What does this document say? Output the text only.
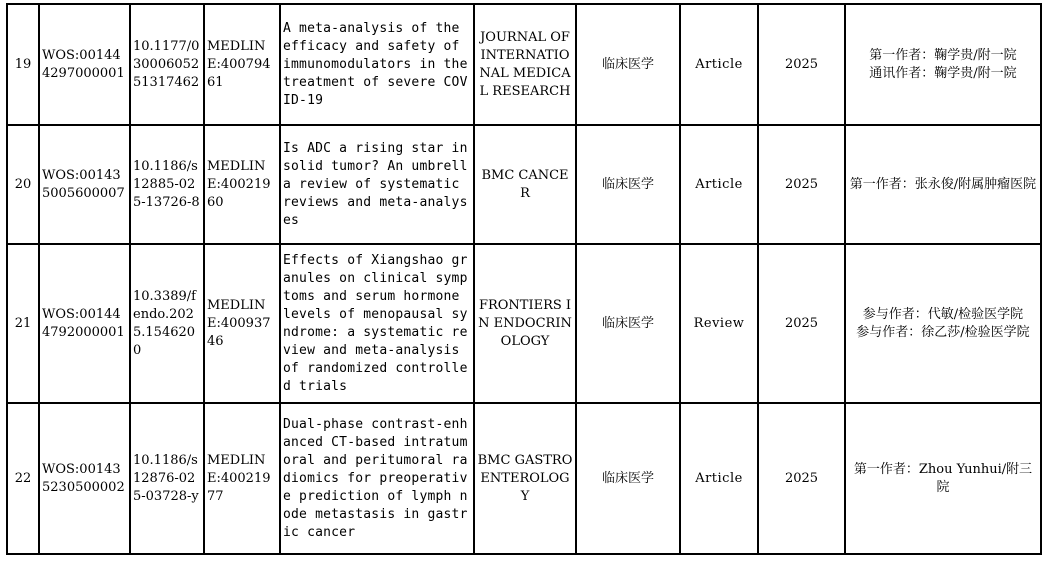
19	WOS:001444297000001	10.1177/03000605251317462	MEDLINE:40079461	A meta-analysis of the efficacy and safety of immunomodulators in the treatment of severe COVID-19	JOURNAL OF INTERNATIONAL MEDICAL RESEARCH	临床医学	Article	2025	第一作者：鞠学贵/附一院
通讯作者：鞠学贵/附一院

20	WOS:001435005600007	10.1186/s12885-025-13726-8	MEDLINE:40021960	Is ADC a rising star in solid tumor? An umbrella review of systematic reviews and meta-analyses	BMC CANCER	临床医学	Article	2025	第一作者：张永俊/附属肿瘤医院

21	WOS:001444792000001	10.3389/fendo.2025.1546200	MEDLINE:40093746	Effects of Xiangshao granules on clinical symptoms and serum hormone levels of menopausal syndrome: a systematic review and meta-analysis of randomized controlled trials	FRONTIERS IN ENDOCRINOLOGY	临床医学	Review	2025	参与作者：代敏/检验医学院
参与作者：徐乙莎/检验医学院

22	WOS:001435230500002	10.1186/s12876-025-03728-y	MEDLINE:40021977	Dual-phase contrast-enhanced CT-based intratumoral and peritumoral radiomics for preoperative prediction of lymph node metastasis in gastric cancer	BMC GASTROENTEROLOGY	临床医学	Article	2025	第一作者：Zhou Yunhui/附三院
